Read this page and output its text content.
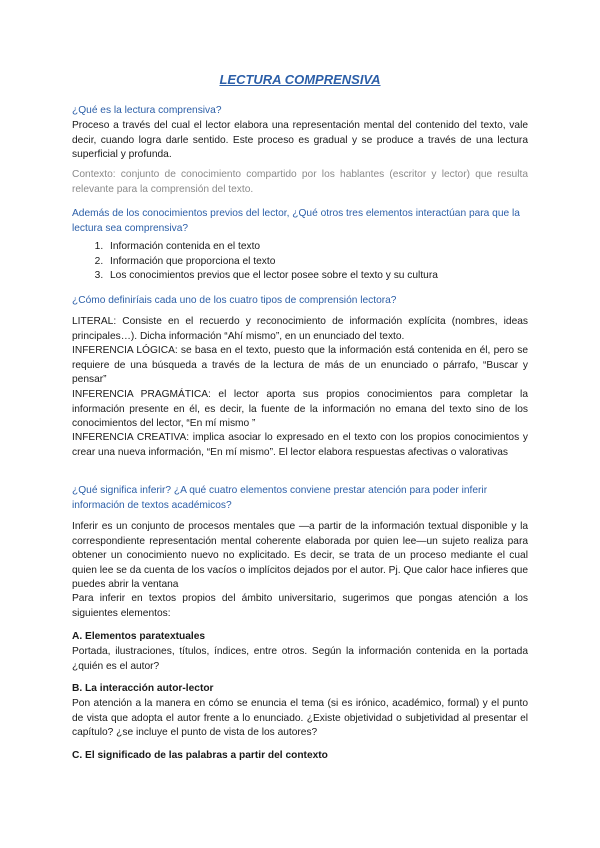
LECTURA COMPRENSIVA
¿Qué es la lectura comprensiva?
Proceso a través del cual el lector elabora una representación mental del contenido del texto, vale decir, cuando logra darle sentido. Este proceso es gradual y se produce a través de una lectura superficial y profunda.
Contexto: conjunto de conocimiento compartido por los hablantes (escritor y lector) que resulta relevante para la comprensión del texto.
Además de los conocimientos previos del lector, ¿Qué otros tres elementos interactúan para que la lectura sea comprensiva?
1. Información contenida en el texto
2. Información que proporciona el texto
3. Los conocimientos previos que el lector posee sobre el texto y su cultura
¿Cómo definiríais cada uno de los cuatro tipos de comprensión lectora?
LITERAL: Consiste en el recuerdo y reconocimiento de información explícita (nombres, ideas principales…). Dicha información “Ahí mismo”, en un enunciado del texto.
INFERENCIA LÓGICA: se basa en el texto, puesto que la información está contenida en él, pero se requiere de una búsqueda a través de la lectura de más de un enunciado o párrafo, “Buscar y pensar”
INFERENCIA PRAGMÁTICA: el lector aporta sus propios conocimientos para completar la información presente en él, es decir, la fuente de la información no emana del texto sino de los conocimientos del lector, “En mí mismo ”
INFERENCIA CREATIVA: implica asociar lo expresado en el texto con los propios conocimientos y crear una nueva información, “En mí mismo”. El lector elabora respuestas afectivas o valorativas
¿Qué significa inferir? ¿A qué cuatro elementos conviene prestar atención para poder inferir información de textos académicos?
Inferir es un conjunto de procesos mentales que —a partir de la información textual disponible y la correspondiente representación mental coherente elaborada por quien lee—un sujeto realiza para obtener un conocimiento nuevo no explicitado. Es decir, se trata de un proceso mediante el cual quien lee se da cuenta de los vacíos o implícitos dejados por el autor. Pj. Que calor hace infieres que puedes abrir la ventana
Para inferir en textos propios del ámbito universitario, sugerimos que pongas atención a los siguientes elementos:
A. Elementos paratextuales
Portada, ilustraciones, títulos, índices, entre otros. Según la información contenida en la portada ¿quién es el autor?
B. La interacción autor-lector
Pon atención a la manera en cómo se enuncia el tema (si es irónico, académico, formal) y el punto de vista que adopta el autor frente a lo enunciado. ¿Existe objetividad o subjetividad al presentar el capítulo? ¿se incluye el punto de vista de los autores?
C. El significado de las palabras a partir del contexto
